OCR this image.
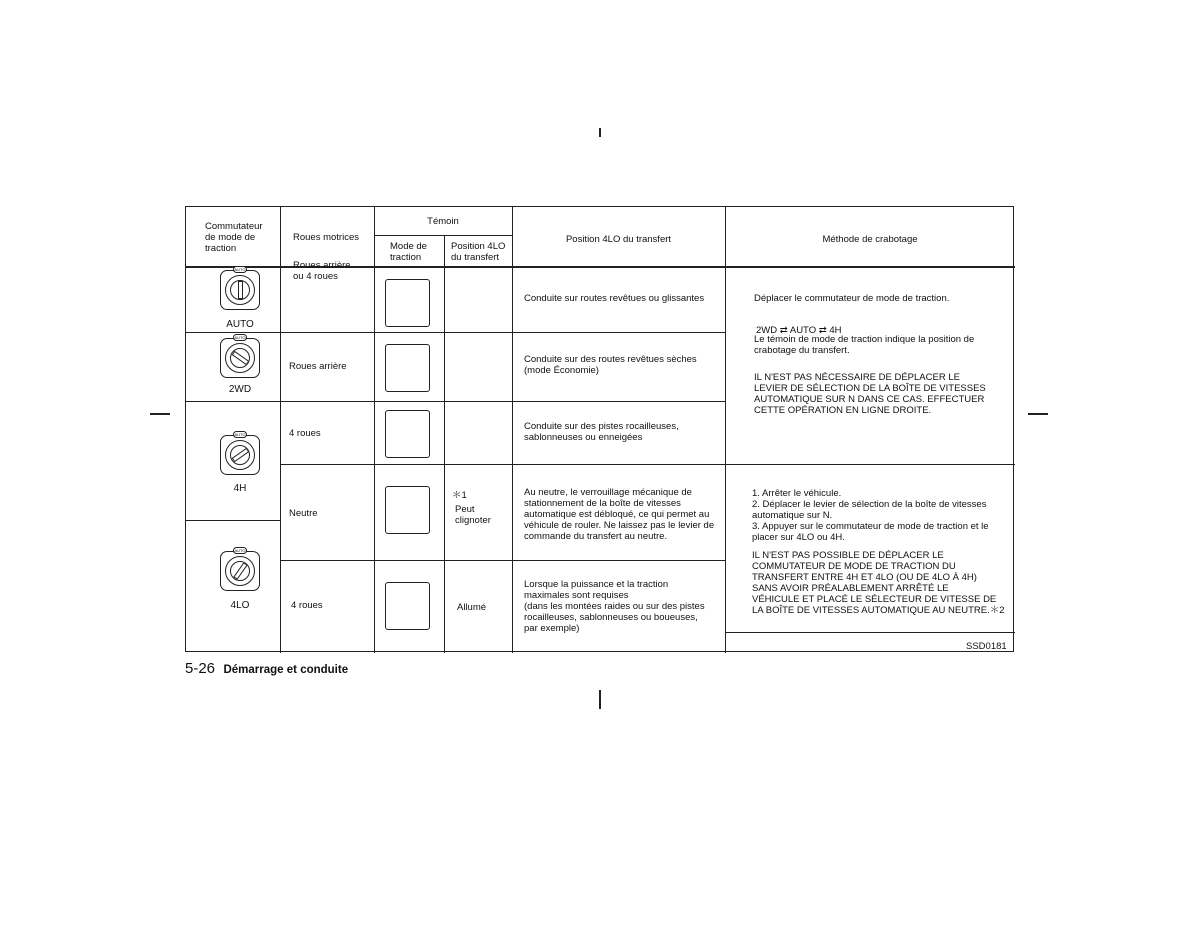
Commutateur
de mode de
traction
Roues motrices
Témoin
Mode de
traction
Position 4LO
du transfert
Position 4LO du transfert	Méthode de crabotage
AUTO
AUTO
AUTO
2WD
AUTO
4H
AUTO
4LO
Roues arrière
ou 4 roues
Roues arrière
4 roues
Neutre
4 roues
＊1
Peut
clignoter
Allumé
Conduite sur routes revêtues ou glissantes
Conduite sur des routes revêtues sèches
(mode Économie)
Conduite sur des pistes rocailleuses,
sablonneuses ou enneigées
Au neutre, le verrouillage mécanique de
stationnement de la boîte de vitesses
automatique est débloqué, ce qui permet au
véhicule de rouler. Ne laissez pas le levier de
commande du transfert au neutre.
Lorsque la puissance et la traction
maximales sont requises
(dans les montées raides ou sur des pistes
rocailleuses, sablonneuses ou boueuses,
par exemple)
Déplacer le commutateur de mode de traction.

2WD ⇄ AUTO ⇄ 4H

Le témoin de mode de traction indique la position de
crabotage du transfert.
IL N'EST PAS NÉCESSAIRE DE DÉPLACER LE
LEVIER DE SÉLECTION DE LA BOÎTE DE VITESSES
AUTOMATIQUE SUR N DANS CE CAS. EFFECTUER
CETTE OPÉRATION EN LIGNE DROITE.
1. Arrêter le véhicule.
2. Déplacer le levier de sélection de la boîte de vitesses
automatique sur N.
3. Appuyer sur le commutateur de mode de traction et le
placer sur 4LO ou 4H.
IL N'EST PAS POSSIBLE DE DÉPLACER LE
COMMUTATEUR DE MODE DE TRACTION DU
TRANSFERT ENTRE 4H ET 4LO (OU DE 4LO À 4H)
SANS AVOIR PRÉALABLEMENT ARRÊTÉ LE
VÉHICULE ET PLACÉ LE SÉLECTEUR DE VITESSE DE
LA BOÎTE DE VITESSES AUTOMATIQUE AU NEUTRE.＊2
SSD0181
5-26 Démarrage et conduite
